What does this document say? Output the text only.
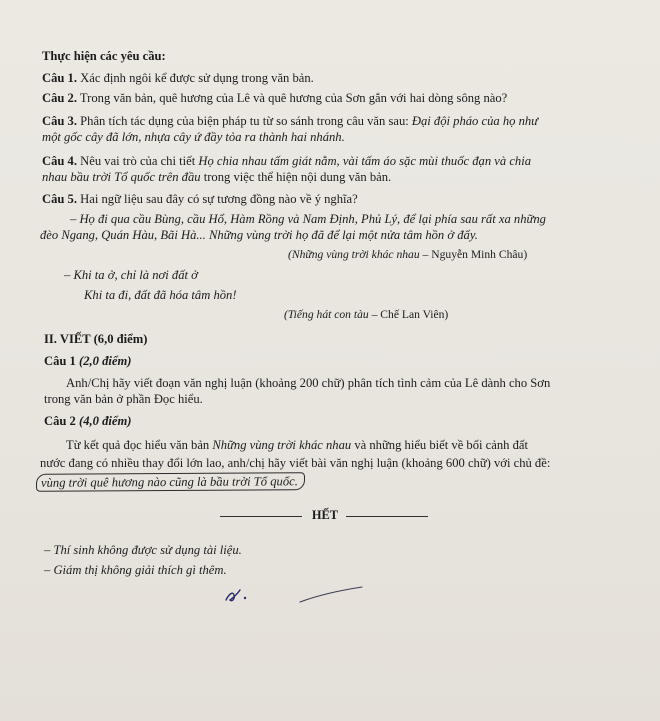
Thực hiện các yêu cầu:
Câu 1. Xác định ngôi kể được sử dụng trong văn bản.
Câu 2. Trong văn bản, quê hương của Lê và quê hương của Sơn gắn với hai dòng sông nào?
Câu 3. Phân tích tác dụng của biện pháp tu từ so sánh trong câu văn sau: Đại đội pháo của họ như
một gốc cây đã lớn, nhựa cây ứ đầy tỏa ra thành hai nhánh.
Câu 4. Nêu vai trò của chi tiết Họ chia nhau tấm giát nằm, vài tấm áo sặc mùi thuốc đạn và chia
nhau bầu trời Tổ quốc trên đầu trong việc thể hiện nội dung văn bản.
Câu 5. Hai ngữ liệu sau đây có sự tương đồng nào về ý nghĩa?
– Họ đi qua cầu Bùng, cầu Hổ, Hàm Rồng và Nam Định, Phủ Lý, để lại phía sau rất xa những
đèo Ngang, Quán Hàu, Bãi Hà... Những vùng trời họ đã để lại một nửa tâm hồn ở đấy.
(Những vùng trời khác nhau – Nguyễn Minh Châu)
– Khi ta ở, chỉ là nơi đất ở
Khi ta đi, đất đã hóa tâm hồn!
(Tiếng hát con tàu – Chế Lan Viên)
II. VIẾT (6,0 điểm)
Câu 1 (2,0 điểm)
Anh/Chị hãy viết đoạn văn nghị luận (khoảng 200 chữ) phân tích tình cảm của Lê dành cho Sơn
trong văn bản ở phần Đọc hiểu.
Câu 2 (4,0 điểm)
Từ kết quả đọc hiểu văn bản Những vùng trời khác nhau và những hiểu biết về bối cảnh đất
nước đang có nhiều thay đổi lớn lao, anh/chị hãy viết bài văn nghị luận (khoảng 600 chữ) với chủ đề:
vùng trời quê hương nào cũng là bầu trời Tổ quốc.
HẾT
– Thí sinh không được sử dụng tài liệu.
– Giám thị không giải thích gì thêm.
